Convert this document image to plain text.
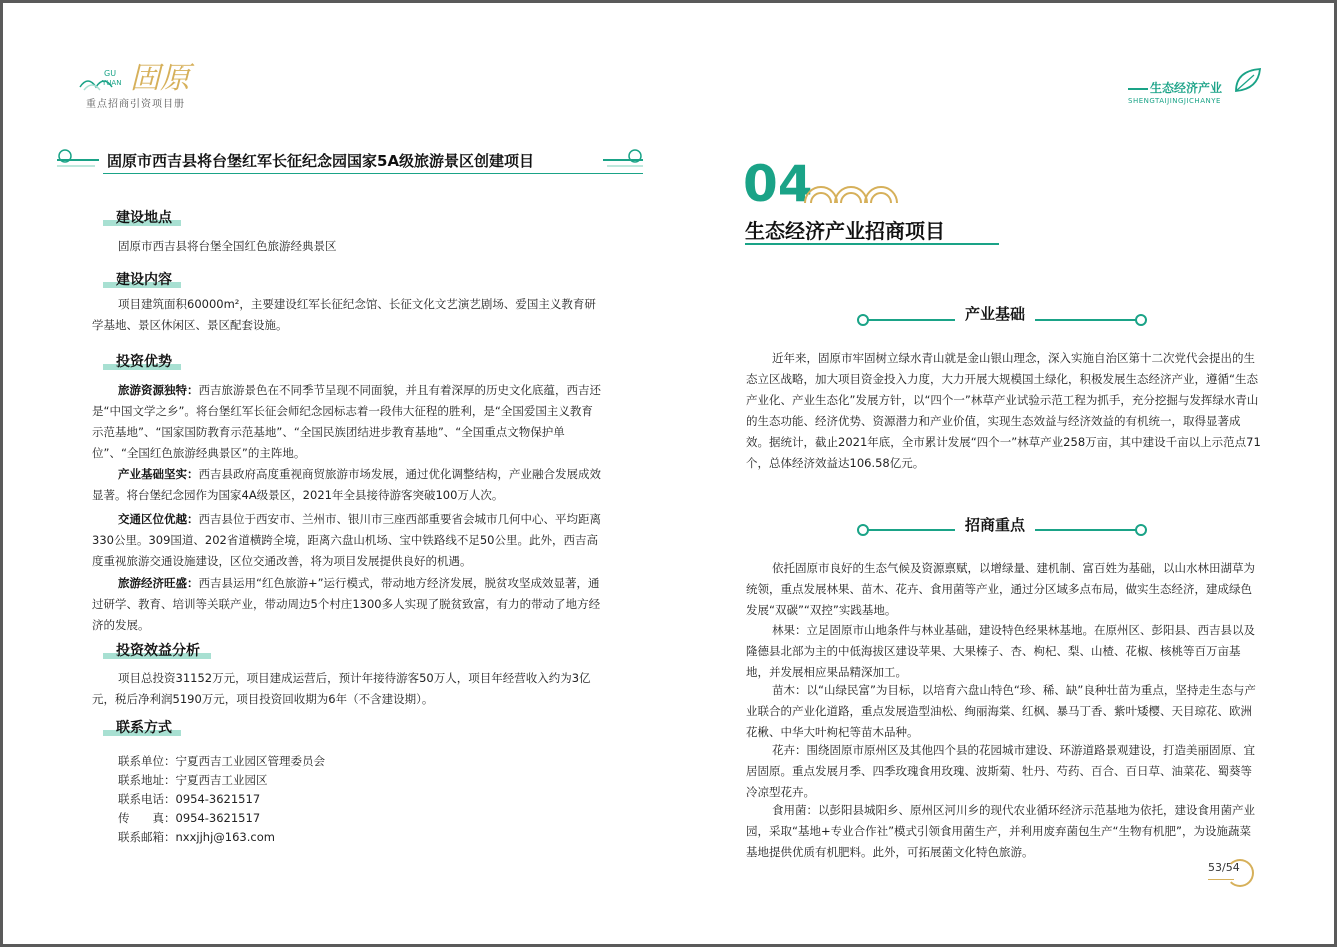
GU
YUAN 固原
重点招商引资项目册
固原市西吉县将台堡红军长征纪念园国家5A级旅游景区创建项目
建设地点
固原市西吉县将台堡全国红色旅游经典景区
建设内容
项目建筑面积60000m²，主要建设红军长征纪念馆、长征文化文艺演艺剧场、爱国主义教育研学基地、景区休闲区、景区配套设施。
投资优势
旅游资源独特：西吉旅游景色在不同季节呈现不同面貌，并且有着深厚的历史文化底蕴，西吉还是“中国文学之乡”。将台堡红军长征会师纪念园标志着一段伟大征程的胜利，是“全国爱国主义教育示范基地”、“国家国防教育示范基地”、“全国民族团结进步教育基地”、“全国重点文物保护单位”、“全国红色旅游经典景区”的主阵地。
产业基础坚实：西吉县政府高度重视商贸旅游市场发展，通过优化调整结构，产业融合发展成效显著。将台堡纪念园作为国家4A级景区，2021年全县接待游客突破100万人次。
交通区位优越：西吉县位于西安市、兰州市、银川市三座西部重要省会城市几何中心、平均距离330公里。309国道、202省道横跨全境，距离六盘山机场、宝中铁路线不足50公里。此外，西吉高度重视旅游交通设施建设，区位交通改善，将为项目发展提供良好的机遇。
旅游经济旺盛：西吉县运用“红色旅游+”运行模式，带动地方经济发展，脱贫攻坚成效显著，通过研学、教育、培训等关联产业，带动周边5个村庄1300多人实现了脱贫致富，有力的带动了地方经济的发展。
投资效益分析
项目总投资31152万元，项目建成运营后，预计年接待游客50万人，项目年经营收入约为3亿元，税后净利润5190万元，项目投资回收期为6年（不含建设期）。
联系方式
联系单位：宁夏西吉工业园区管理委员会
联系地址：宁夏西吉工业园区
联系电话：0954-3621517
传　　真：0954-3621517
联系邮箱：nxxjjhj@163.com
生态经济产业
SHENGTAIJINGJICHANYE
04
生态经济产业招商项目
产业基础
近年来，固原市牢固树立绿水青山就是金山银山理念，深入实施自治区第十二次党代会提出的生态立区战略，加大项目资金投入力度，大力开展大规模国土绿化，积极发展生态经济产业，遵循“生态产业化、产业生态化”发展方针，以“四个一”林草产业试验示范工程为抓手，充分挖掘与发挥绿水青山的生态功能、经济优势、资源潜力和产业价值，实现生态效益与经济效益的有机统一，取得显著成效。据统计，截止2021年底，全市累计发展“四个一”林草产业258万亩，其中建设千亩以上示范点71个，总体经济效益达106.58亿元。
招商重点
依托固原市良好的生态气候及资源禀赋，以增绿量、建机制、富百姓为基础，以山水林田湖草为统领，重点发展林果、苗木、花卉、食用菌等产业，通过分区域多点布局，做实生态经济，建成绿色发展“双碳”“双控”实践基地。
林果：立足固原市山地条件与林业基础，建设特色经果林基地。在原州区、彭阳县、西吉县以及隆德县北部为主的中低海拔区建设苹果、大果榛子、杏、枸杞、梨、山楂、花椒、核桃等百万亩基地，并发展相应果品精深加工。
苗木：以“山绿民富”为目标，以培育六盘山特色“珍、稀、缺”良种壮苗为重点，坚持走生态与产业联合的产业化道路，重点发展造型油松、绚丽海棠、红枫、暴马丁香、紫叶矮樱、天目琼花、欧洲花楸、中华大叶枸杞等苗木品种。
花卉：围绕固原市原州区及其他四个县的花园城市建设、环游道路景观建设，打造美丽固原、宜居固原。重点发展月季、四季玫瑰食用玫瑰、波斯菊、牡丹、芍药、百合、百日草、油菜花、蜀葵等冷凉型花卉。
食用菌：以彭阳县城阳乡、原州区河川乡的现代农业循环经济示范基地为依托，建设食用菌产业园，采取“基地+专业合作社”模式引领食用菌生产，并利用废弃菌包生产“生物有机肥”，为设施蔬菜基地提供优质有机肥料。此外，可拓展菌文化特色旅游。
53/54
